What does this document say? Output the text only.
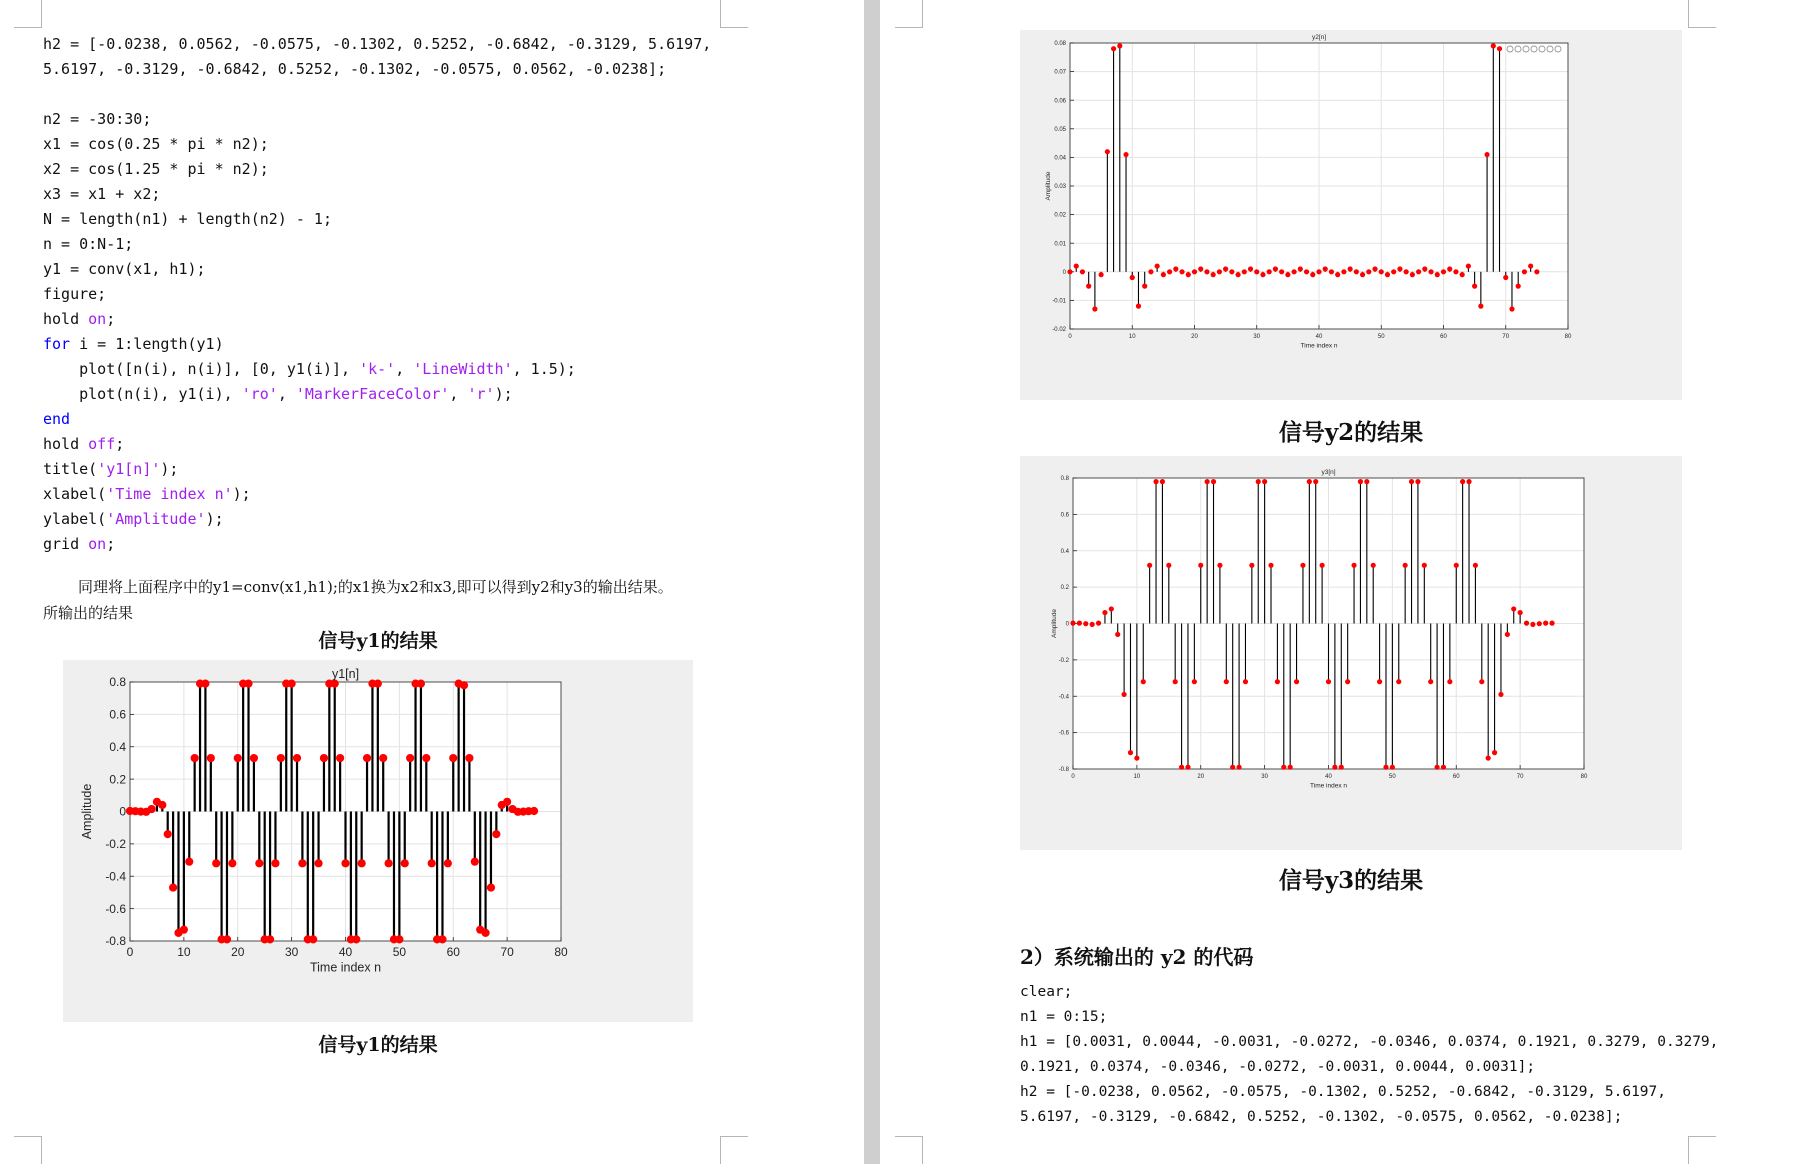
h2 = [-0.0238, 0.0562, -0.0575, -0.1302, 0.5252, -0.6842, -0.3129, 5.6197,
5.6197, -0.3129, -0.6842, 0.5252, -0.1302, -0.0575, 0.0562, -0.0238];
n2 = -30:30;
x1 = cos(0.25 * pi * n2);
x2 = cos(1.25 * pi * n2);
x3 = x1 + x2;
N = length(n1) + length(n2) - 1;
n = 0:N-1;
y1 = conv(x1, h1);
figure;
hold on;
for i = 1:length(y1)
plot([n(i), n(i)], [0, y1(i)], 'k-', 'LineWidth', 1.5);
plot(n(i), y1(i), 'ro', 'MarkerFaceColor', 'r');
end
hold off;
title('y1[n]');
xlabel('Time index n');
ylabel('Amplitude');
grid on;
同理将上面程序中的y1=conv(x1,h1);的x1换为x2和x3,即可以得到y2和y3的输出结果。
所输出的结果
信号y1的结果
0	10	20	30	40	50	60	70	80
-0.8
-0.6
-0.4
-0.2
0
0.2
0.4
0.6
0.8
y1[n]
Time index n
Amplitude
信号y1的结果
0	10	20	30	40	50	60	70	80
-0.02
-0.01
0
0.01
0.02
0.03
0.04
0.05
0.06
0.07
0.08
y2[n]
Time index n
Amplitude
信号y2的结果
0	10	20	30	40	50	60	70	80
-0.8
-0.6
-0.4
-0.2
0
0.2
0.4
0.6
0.8
y3[n]
Time index n
Amplitude
信号y3的结果
2）系统输出的 y2 的代码
clear;
n1 = 0:15;
h1 = [0.0031, 0.0044, -0.0031, -0.0272, -0.0346, 0.0374, 0.1921, 0.3279, 0.3279,
0.1921, 0.0374, -0.0346, -0.0272, -0.0031, 0.0044, 0.0031];
h2 = [-0.0238, 0.0562, -0.0575, -0.1302, 0.5252, -0.6842, -0.3129, 5.6197,
5.6197, -0.3129, -0.6842, 0.5252, -0.1302, -0.0575, 0.0562, -0.0238];
